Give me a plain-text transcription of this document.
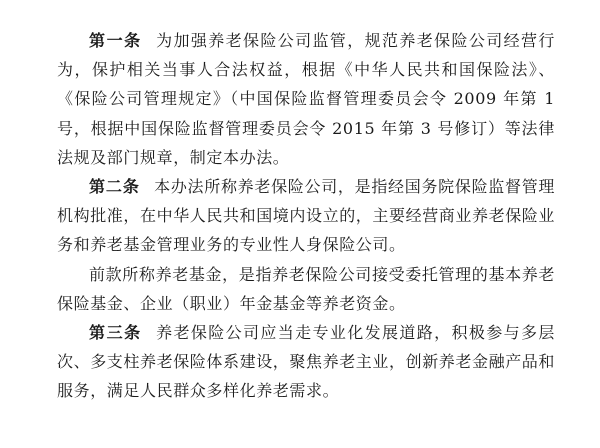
第一条 为加强养老保险公司监管，规范养老保险公司经营行为，保护相关当事人合法权益，根据《中华人民共和国保险法》、《保险公司管理规定》（中国保险监督管理委员会令 2009 年第 1 号，根据中国保险监督管理委员会令 2015 年第 3 号修订）等法律法规及部门规章，制定本办法。

第二条 本办法所称养老保险公司，是指经国务院保险监督管理机构批准，在中华人民共和国境内设立的，主要经营商业养老保险业务和养老基金管理业务的专业性人身保险公司。

前款所称养老基金，是指养老保险公司接受委托管理的基本养老保险基金、企业（职业）年金基金等养老资金。

第三条 养老保险公司应当走专业化发展道路，积极参与多层次、多支柱养老保险体系建设，聚焦养老主业，创新养老金融产品和服务，满足人民群众多样化养老需求。
